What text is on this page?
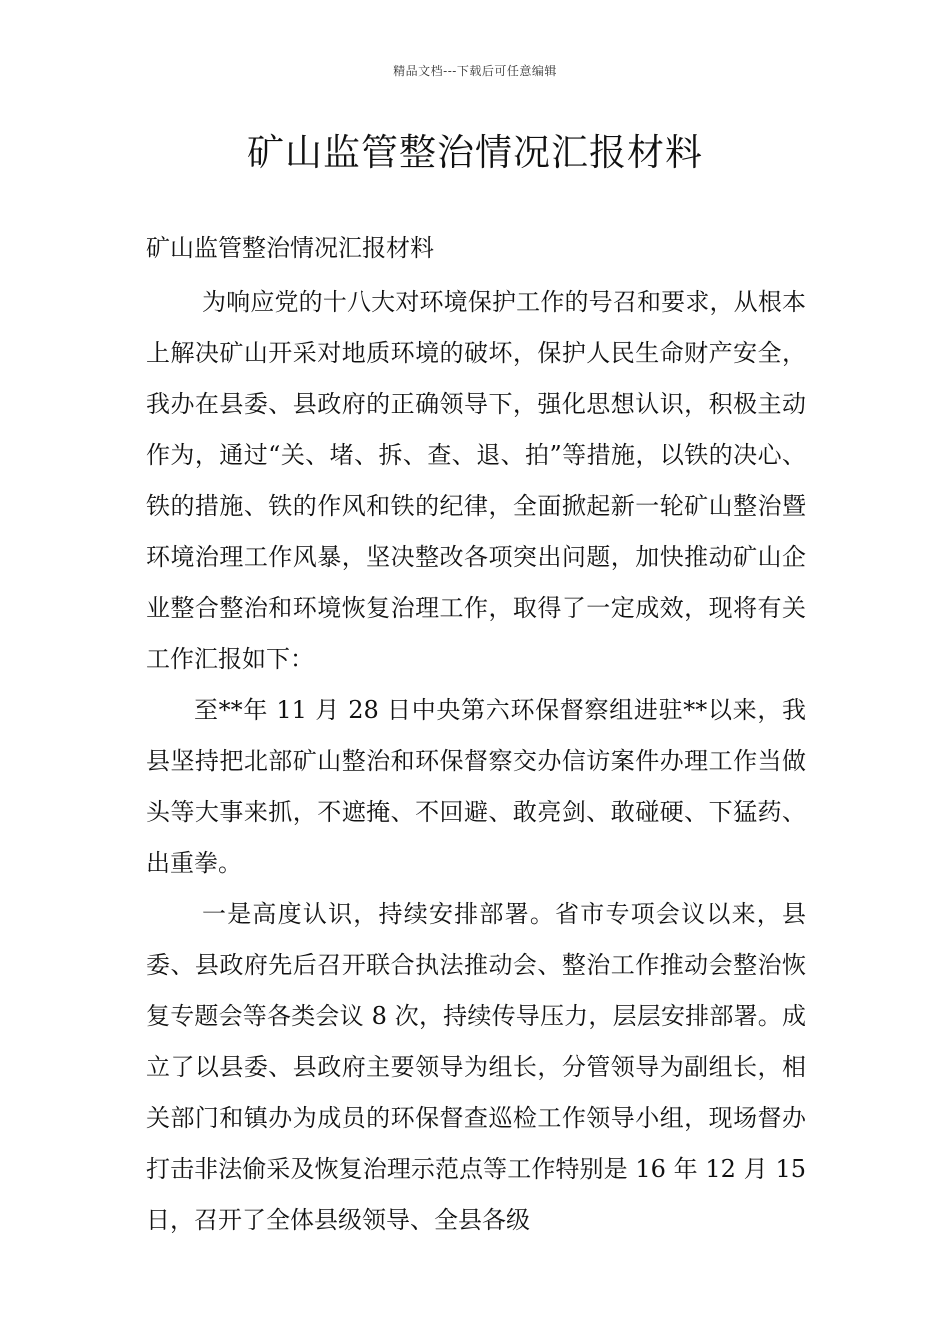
精品文档---下载后可任意编辑
矿山监管整治情况汇报材料

矿山监管整治情况汇报材料

为响应党的十八大对环境保护工作的号召和要求，从根本上解决矿山开采对地质环境的破坏，保护人民生命财产安全，我办在县委、县政府的正确领导下，强化思想认识，积极主动作为，通过“关、堵、拆、查、退、拍”等措施，以铁的决心、铁的措施、铁的作风和铁的纪律，全面掀起新一轮矿山整治暨环境治理工作风暴，坚决整改各项突出问题，加快推动矿山企业整合整治和环境恢复治理工作，取得了一定成效，现将有关工作汇报如下：

至**年 11 月 28 日中央第六环保督察组进驻**以来，我县坚持把北部矿山整治和环保督察交办信访案件办理工作当做头等大事来抓，不遮掩、不回避、敢亮剑、敢碰硬、下猛药、出重拳。

一是高度认识，持续安排部署。省市专项会议以来，县委、县政府先后召开联合执法推动会、整治工作推动会整治恢复专题会等各类会议 8 次，持续传导压力，层层安排部署。成立了以县委、县政府主要领导为组长，分管领导为副组长，相关部门和镇办为成员的环保督查巡检工作领导小组，现场督办打击非法偷采及恢复治理示范点等工作特别是 16 年 12 月 15 日，召开了全体县级领导、全县各级
